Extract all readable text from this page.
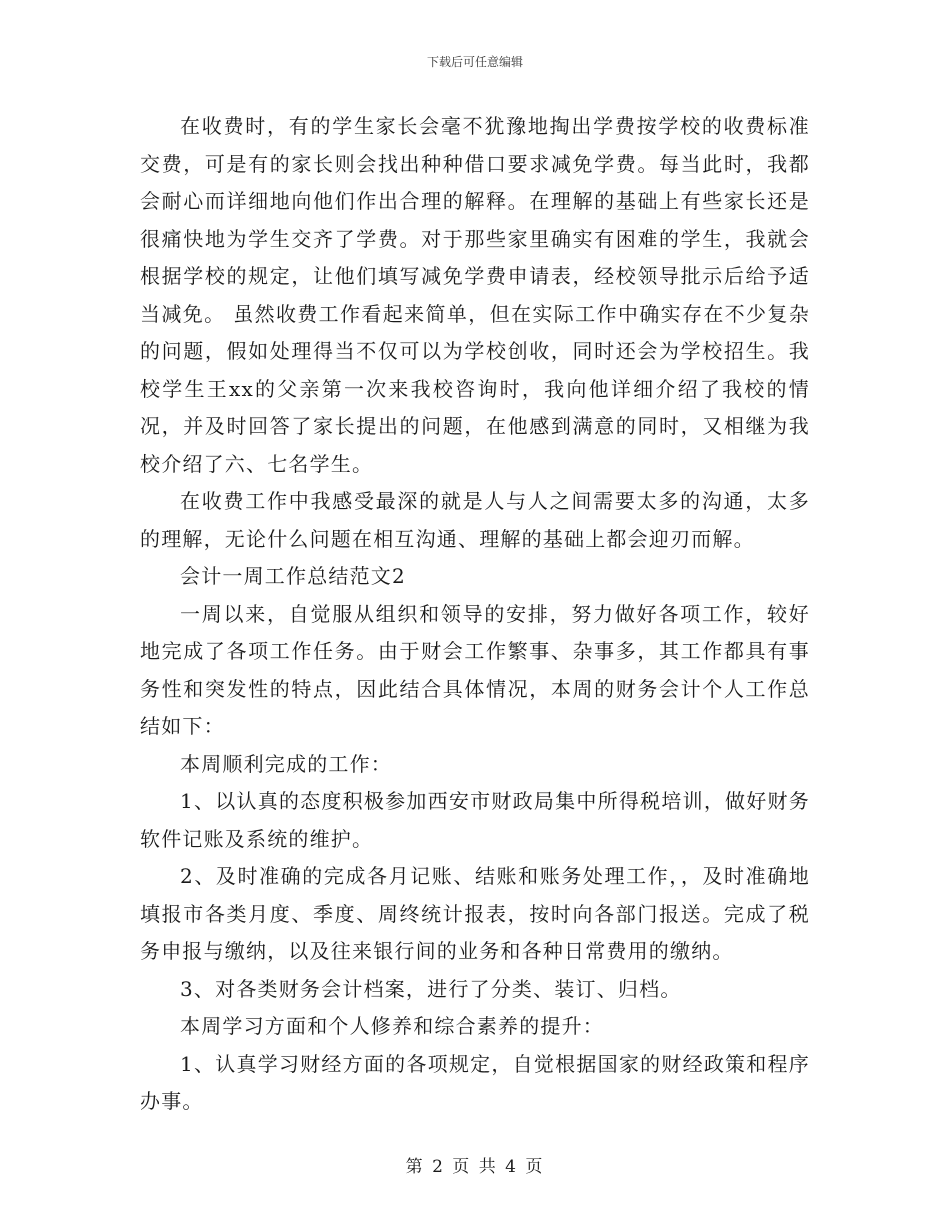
下载后可任意编辑

在收费时，有的学生家长会毫不犹豫地掏出学费按学校的收费标准交费，可是有的家长则会找出种种借口要求减免学费。每当此时，我都会耐心而详细地向他们作出合理的解释。在理解的基础上有些家长还是很痛快地为学生交齐了学费。对于那些家里确实有困难的学生，我就会根据学校的规定，让他们填写减免学费申请表，经校领导批示后给予适当减免。 虽然收费工作看起来简单，但在实际工作中确实存在不少复杂的问题，假如处理得当不仅可以为学校创收，同时还会为学校招生。我校学生王xx的父亲第一次来我校咨询时，我向他详细介绍了我校的情况，并及时回答了家长提出的问题，在他感到满意的同时，又相继为我校介绍了六、七名学生。

在收费工作中我感受最深的就是人与人之间需要太多的沟通，太多的理解，无论什么问题在相互沟通、理解的基础上都会迎刃而解。

会计一周工作总结范文2

一周以来，自觉服从组织和领导的安排，努力做好各项工作，较好地完成了各项工作任务。由于财会工作繁事、杂事多，其工作都具有事务性和突发性的特点，因此结合具体情况，本周的财务会计个人工作总结如下：

本周顺利完成的工作：

1、以认真的态度积极参加西安市财政局集中所得税培训，做好财务软件记账及系统的维护。

2、及时准确的完成各月记账、结账和账务处理工作，，及时准确地填报市各类月度、季度、周终统计报表，按时向各部门报送。完成了税务申报与缴纳，以及往来银行间的业务和各种日常费用的缴纳。

3、对各类财务会计档案，进行了分类、装订、归档。

本周学习方面和个人修养和综合素养的提升：

1、认真学习财经方面的各项规定，自觉根据国家的财经政策和程序办事。

第 2 页 共 4 页
